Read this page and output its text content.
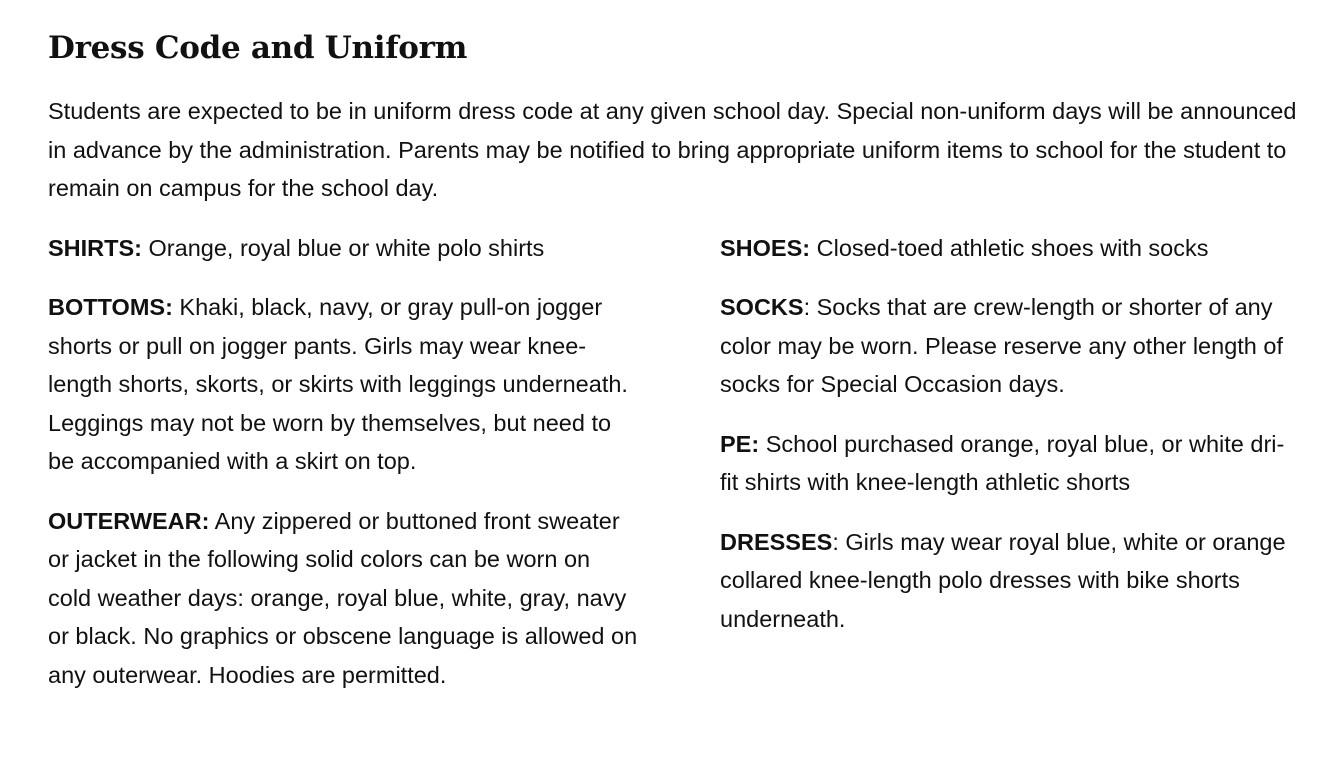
Dress Code and Uniform

Students are expected to be in uniform dress code at any given school day. Special non-uniform days will be announced in advance by the administration. Parents may be notified to bring appropriate uniform items to school for the student to remain on campus for the school day.

SHIRTS: Orange, royal blue or white polo shirts

BOTTOMS: Khaki, black, navy, or gray pull-on jogger shorts or pull on jogger pants. Girls may wear knee-length shorts, skorts, or skirts with leggings underneath. Leggings may not be worn by themselves, but need to be accompanied with a skirt on top.

OUTERWEAR: Any zippered or buttoned front sweater or jacket in the following solid colors can be worn on cold weather days: orange, royal blue, white, gray, navy or black. No graphics or obscene language is allowed on any outerwear. Hoodies are permitted.

SHOES: Closed-toed athletic shoes with socks

SOCKS: Socks that are crew-length or shorter of any color may be worn. Please reserve any other length of socks for Special Occasion days.

PE: School purchased orange, royal blue, or white dri-fit shirts with knee-length athletic shorts

DRESSES: Girls may wear royal blue, white or orange collared knee-length polo dresses with bike shorts underneath.
